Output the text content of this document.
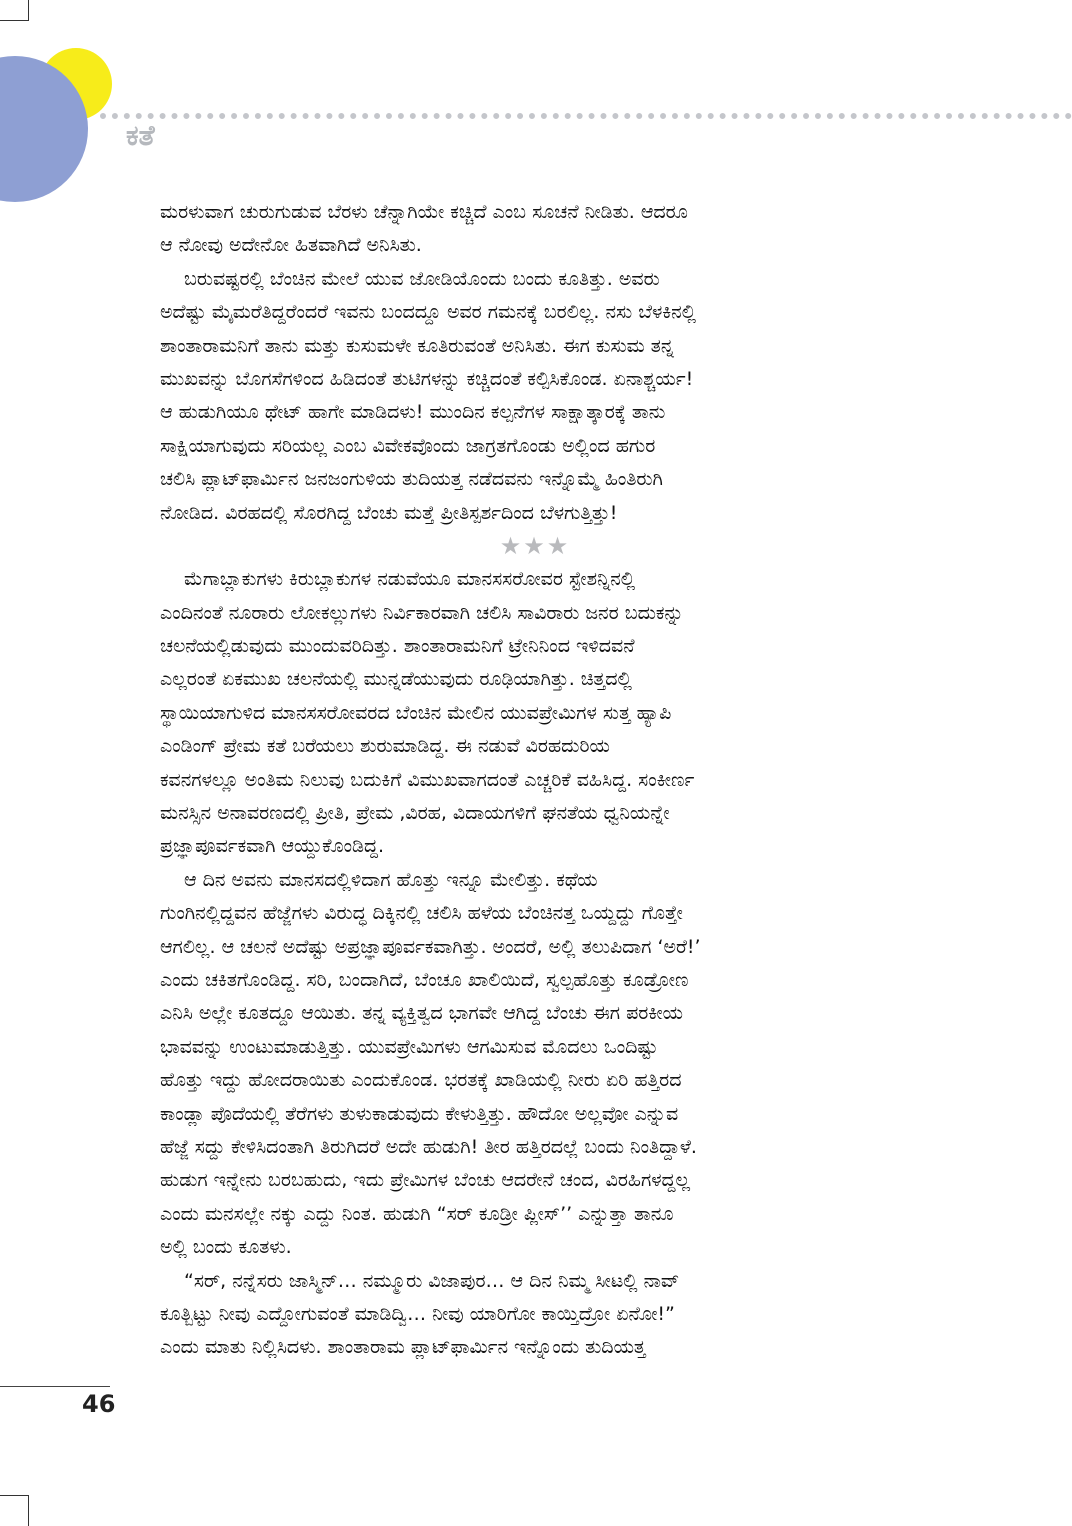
ಕತೆ
ಮರಳುವಾಗ ಚುರುಗುಡುವ ಬೆರಳು ಚೆನ್ನಾಗಿಯೇ ಕಚ್ಚಿದೆ ಎಂಬ ಸೂಚನೆ ನೀಡಿತು. ಆದರೂ
ಆ ನೋವು ಅದೇನೋ ಹಿತವಾಗಿದೆ ಅನಿಸಿತು.
ಬರುವಷ್ಟರಲ್ಲಿ ಬೆಂಚಿನ ಮೇಲೆ ಯುವ ಜೋಡಿಯೊಂದು ಬಂದು ಕೂತಿತ್ತು. ಅವರು
ಅದೆಷ್ಟು ಮೈಮರೆತಿದ್ದರೆಂದರೆ ಇವನು ಬಂದದ್ದೂ ಅವರ ಗಮನಕ್ಕೆ ಬರಲಿಲ್ಲ. ನಸು ಬೆಳಕಿನಲ್ಲಿ
ಶಾಂತಾರಾಮನಿಗೆ ತಾನು ಮತ್ತು ಕುಸುಮಳೇ ಕೂತಿರುವಂತೆ ಅನಿಸಿತು. ಈಗ ಕುಸುಮ ತನ್ನ
ಮುಖವನ್ನು ಬೊಗಸೆಗಳಿಂದ ಹಿಡಿದಂತೆ ತುಟಿಗಳನ್ನು ಕಚ್ಚಿದಂತೆ ಕಲ್ಪಿಸಿಕೊಂಡ. ಏನಾಶ್ಚರ್ಯ!
ಆ ಹುಡುಗಿಯೂ ಥೇಟ್ ಹಾಗೇ ಮಾಡಿದಳು! ಮುಂದಿನ ಕಲ್ಪನೆಗಳ ಸಾಕ್ಷಾತ್ಕಾರಕ್ಕೆ ತಾನು
ಸಾಕ್ಷಿಯಾಗುವುದು ಸರಿಯಲ್ಲ ಎಂಬ ವಿವೇಕವೊಂದು ಜಾಗ್ರತಗೊಂಡು ಅಲ್ಲಿಂದ ಹಗುರ
ಚಲಿಸಿ ಪ್ಲಾಟ್‌ಫಾರ್ಮಿನ ಜನಜಂಗುಳಿಯ ತುದಿಯತ್ತ ನಡೆದವನು ಇನ್ನೊಮ್ಮೆ ಹಿಂತಿರುಗಿ
ನೋಡಿದ. ವಿರಹದಲ್ಲಿ ಸೊರಗಿದ್ದ ಬೆಂಚು ಮತ್ತೆ ಪ್ರೀತಿಸ್ಪರ್ಶದಿಂದ ಬೆಳಗುತ್ತಿತ್ತು!
★★★
ಮೆಗಾಬ್ಲಾಕುಗಳು ಕಿರುಬ್ಲಾಕುಗಳ ನಡುವೆಯೂ ಮಾನಸಸರೋವರ ಸ್ಟೇಶನ್ನಿನಲ್ಲಿ
ಎಂದಿನಂತೆ ನೂರಾರು ಲೋಕಲ್ಲುಗಳು ನಿರ್ವಿಕಾರವಾಗಿ ಚಲಿಸಿ ಸಾವಿರಾರು ಜನರ ಬದುಕನ್ನು
ಚಲನೆಯಲ್ಲಿಡುವುದು ಮುಂದುವರಿದಿತ್ತು. ಶಾಂತಾರಾಮನಿಗೆ ಟ್ರೇನಿನಿಂದ ಇಳಿದವನೆ
ಎಲ್ಲರಂತೆ ಏಕಮುಖ ಚಲನೆಯಲ್ಲಿ ಮುನ್ನಡೆಯುವುದು ರೂಢಿಯಾಗಿತ್ತು. ಚಿತ್ತದಲ್ಲಿ
ಸ್ಥಾಯಿಯಾಗುಳಿದ ಮಾನಸಸರೋವರದ ಬೆಂಚಿನ ಮೇಲಿನ ಯುವಪ್ರೇಮಿಗಳ ಸುತ್ತ ಹ್ಯಾಪಿ
ಎಂಡಿಂಗ್ ಪ್ರೇಮ ಕತೆ ಬರೆಯಲು ಶುರುಮಾಡಿದ್ದ. ಈ ನಡುವೆ ವಿರಹದುರಿಯ
ಕವನಗಳಲ್ಲೂ ಅಂತಿಮ ನಿಲುವು ಬದುಕಿಗೆ ವಿಮುಖವಾಗದಂತೆ ಎಚ್ಚರಿಕೆ ವಹಿಸಿದ್ದ. ಸಂಕೀರ್ಣ
ಮನಸ್ಸಿನ ಅನಾವರಣದಲ್ಲಿ ಪ್ರೀತಿ, ಪ್ರೇಮ ,ವಿರಹ, ವಿದಾಯಗಳಿಗೆ ಘನತೆಯ ಧ್ವನಿಯನ್ನೇ
ಪ್ರಜ್ಞಾಪೂರ್ವಕವಾಗಿ ಆಯ್ದುಕೊಂಡಿದ್ದ.
ಆ ದಿನ ಅವನು ಮಾನಸದಲ್ಲಿಳಿದಾಗ ಹೊತ್ತು ಇನ್ನೂ ಮೇಲಿತ್ತು. ಕಥೆಯ
ಗುಂಗಿನಲ್ಲಿದ್ದವನ ಹೆಜ್ಜೆಗಳು ವಿರುದ್ಧ ದಿಕ್ಕಿನಲ್ಲಿ ಚಲಿಸಿ ಹಳೆಯ ಬೆಂಚಿನತ್ತ ಒಯ್ದದ್ದು ಗೊತ್ತೇ
ಆಗಲಿಲ್ಲ. ಆ ಚಲನೆ ಅದೆಷ್ಟು ಅಪ್ರಜ್ಞಾಪೂರ್ವಕವಾಗಿತ್ತು. ಅಂದರೆ, ಅಲ್ಲಿ ತಲುಪಿದಾಗ ‘ಅರೆ!’
ಎಂದು ಚಕಿತಗೊಂಡಿದ್ದ. ಸರಿ, ಬಂದಾಗಿದೆ, ಬೆಂಚೂ ಖಾಲಿಯಿದೆ, ಸ್ವಲ್ಪಹೊತ್ತು ಕೂಡ್ರೋಣ
ಎನಿಸಿ ಅಲ್ಲೇ ಕೂತದ್ದೂ ಆಯಿತು. ತನ್ನ ವ್ಯಕ್ತಿತ್ವದ ಭಾಗವೇ ಆಗಿದ್ದ ಬೆಂಚು ಈಗ ಪರಕೀಯ
ಭಾವವನ್ನು ಉಂಟುಮಾಡುತ್ತಿತ್ತು. ಯುವಪ್ರೇಮಿಗಳು ಆಗಮಿಸುವ ಮೊದಲು ಒಂದಿಷ್ಟು
ಹೊತ್ತು ಇದ್ದು ಹೋದರಾಯಿತು ಎಂದುಕೊಂಡ. ಭರತಕ್ಕೆ ಖಾಡಿಯಲ್ಲಿ ನೀರು ಏರಿ ಹತ್ತಿರದ
ಕಾಂಡ್ಲಾ ಪೊದೆಯಲ್ಲಿ ತೆರೆಗಳು ತುಳುಕಾಡುವುದು ಕೇಳುತ್ತಿತ್ತು. ಹೌದೋ ಅಲ್ಲವೋ ಎನ್ನುವ
ಹೆಜ್ಜೆ ಸದ್ದು ಕೇಳಿಸಿದಂತಾಗಿ ತಿರುಗಿದರೆ ಅದೇ ಹುಡುಗಿ! ತೀರ ಹತ್ತಿರದಲ್ಲೆ ಬಂದು ನಿಂತಿದ್ದಾಳೆ.
ಹುಡುಗ ಇನ್ನೇನು ಬರಬಹುದು, ಇದು ಪ್ರೇಮಿಗಳ ಬೆಂಚು ಆದರೇನೆ ಚಂದ, ವಿರಹಿಗಳದ್ದಲ್ಲ
ಎಂದು ಮನಸಲ್ಲೇ ನಕ್ಕು ಎದ್ದು ನಿಂತ. ಹುಡುಗಿ “ಸರ್ ಕೂಡ್ರೀ ಪ್ಲೀಸ್’’ ಎನ್ನುತ್ತಾ ತಾನೂ
ಅಲ್ಲಿ ಬಂದು ಕೂತಳು.
“ಸರ್, ನನ್ನೆಸರು ಜಾಸ್ಮಿನ್… ನಮ್ಮೂರು ವಿಜಾಪುರ… ಆ ದಿನ ನಿಮ್ಮ ಸೀಟಲ್ಲಿ ನಾವ್
ಕೂತ್ಬಿಟ್ಟು ನೀವು ಎದ್ದೋಗುವಂತೆ ಮಾಡಿದ್ವಿ… ನೀವು ಯಾರಿಗೋ ಕಾಯ್ತಿದ್ರೋ ಏನೋ!”
ಎಂದು ಮಾತು ನಿಲ್ಲಿಸಿದಳು. ಶಾಂತಾರಾಮ ಪ್ಲಾಟ್‌ಫಾರ್ಮಿನ ಇನ್ನೊಂದು ತುದಿಯತ್ತ
46
